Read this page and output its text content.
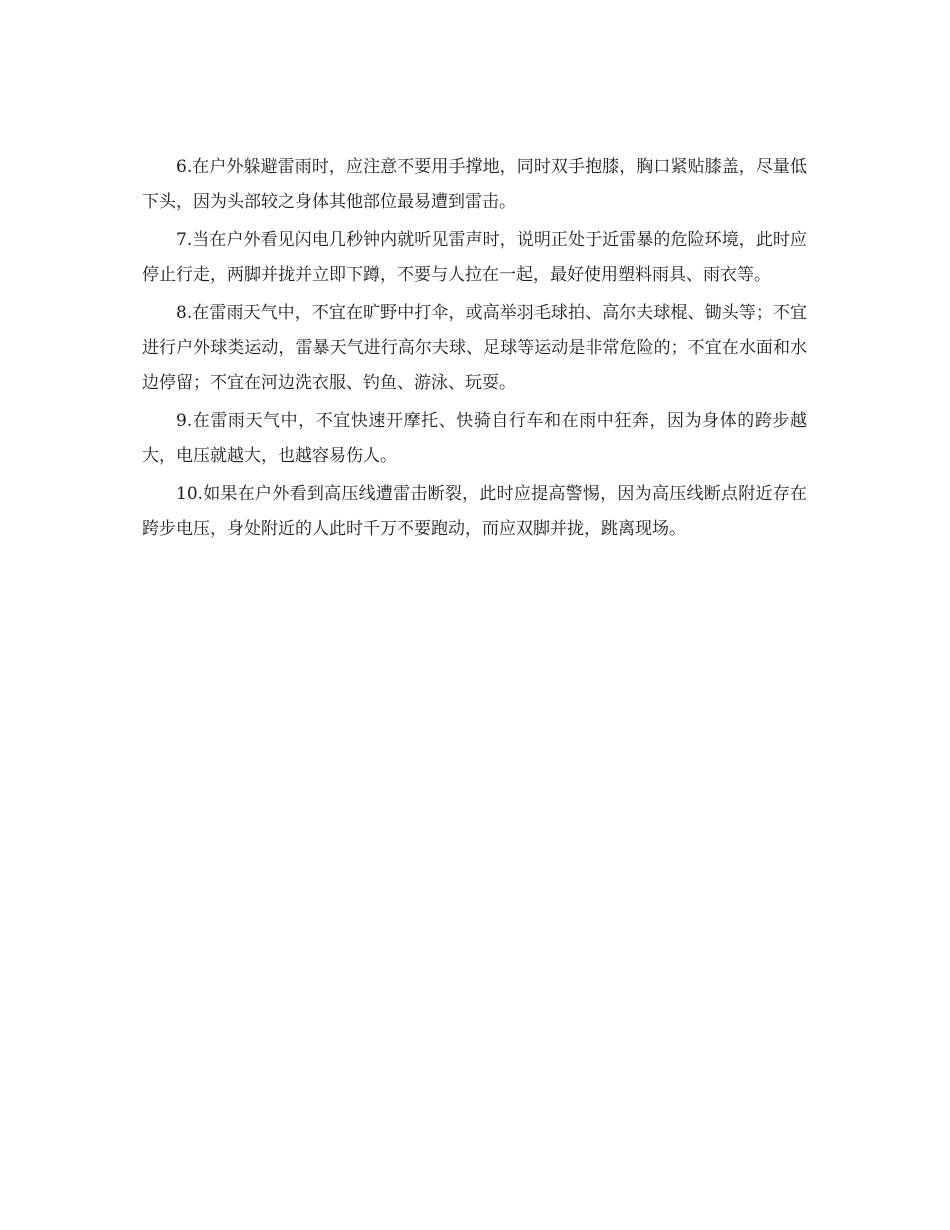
6.在户外躲避雷雨时，应注意不要用手撑地，同时双手抱膝，胸口紧贴膝盖，尽量低下头，因为头部较之身体其他部位最易遭到雷击。

7.当在户外看见闪电几秒钟内就听见雷声时，说明正处于近雷暴的危险环境，此时应停止行走，两脚并拢并立即下蹲，不要与人拉在一起，最好使用塑料雨具、雨衣等。

8.在雷雨天气中，不宜在旷野中打伞，或高举羽毛球拍、高尔夫球棍、锄头等；不宜进行户外球类运动，雷暴天气进行高尔夫球、足球等运动是非常危险的；不宜在水面和水边停留；不宜在河边洗衣服、钓鱼、游泳、玩耍。

9.在雷雨天气中，不宜快速开摩托、快骑自行车和在雨中狂奔，因为身体的跨步越大，电压就越大，也越容易伤人。

10.如果在户外看到高压线遭雷击断裂，此时应提高警惕，因为高压线断点附近存在跨步电压，身处附近的人此时千万不要跑动，而应双脚并拢，跳离现场。
